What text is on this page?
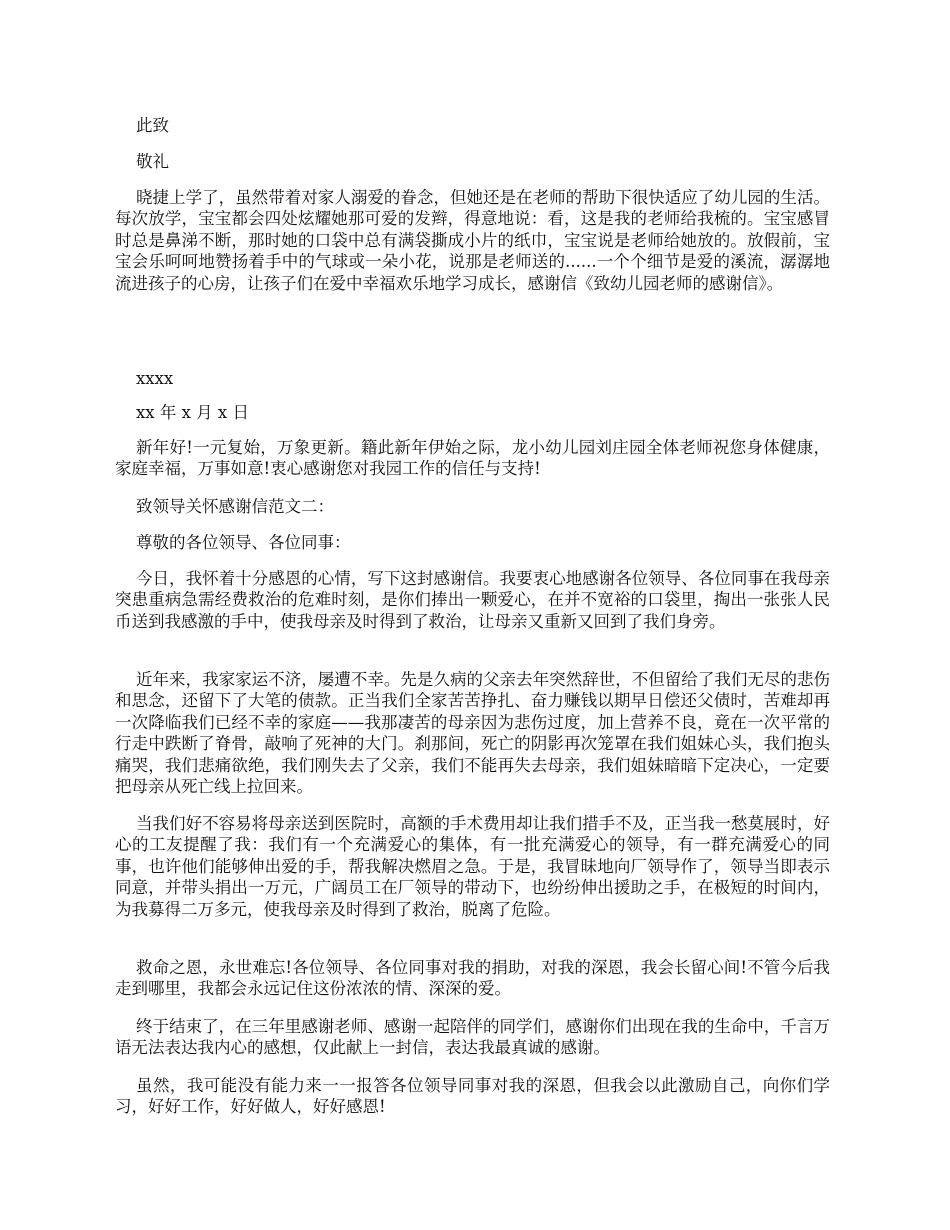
此致

敬礼

晓捷上学了，虽然带着对家人溺爱的眷念，但她还是在老师的帮助下很快适应了幼儿园的生活。每次放学，宝宝都会四处炫耀她那可爱的发辫，得意地说：看，这是我的老师给我梳的。宝宝感冒时总是鼻涕不断，那时她的口袋中总有满袋撕成小片的纸巾，宝宝说是老师给她放的。放假前，宝宝会乐呵呵地赞扬着手中的气球或一朵小花，说那是老师送的......一个个细节是爱的溪流，潺潺地流进孩子的心房，让孩子们在爱中幸福欢乐地学习成长，感谢信《致幼儿园老师的感谢信》。

xxxx

xx 年 x 月 x 日

新年好!一元复始，万象更新。籍此新年伊始之际，龙小幼儿园刘庄园全体老师祝您身体健康，家庭幸福，万事如意!衷心感谢您对我园工作的信任与支持!

致领导关怀感谢信范文二：

尊敬的各位领导、各位同事：

今日，我怀着十分感恩的心情，写下这封感谢信。我要衷心地感谢各位领导、各位同事在我母亲突患重病急需经费救治的危难时刻，是你们捧出一颗爱心，在并不宽裕的口袋里，掏出一张张人民币送到我感激的手中，使我母亲及时得到了救治，让母亲又重新又回到了我们身旁。

近年来，我家家运不济，屡遭不幸。先是久病的父亲去年突然辞世，不但留给了我们无尽的悲伤和思念，还留下了大笔的债款。正当我们全家苦苦挣扎、奋力赚钱以期早日偿还父债时，苦难却再一次降临我们已经不幸的家庭——我那凄苦的母亲因为悲伤过度，加上营养不良，竟在一次平常的行走中跌断了脊骨，敲响了死神的大门。刹那间，死亡的阴影再次笼罩在我们姐妹心头，我们抱头痛哭，我们悲痛欲绝，我们刚失去了父亲，我们不能再失去母亲，我们姐妹暗暗下定决心，一定要把母亲从死亡线上拉回来。

当我们好不容易将母亲送到医院时，高额的手术费用却让我们措手不及，正当我一愁莫展时，好心的工友提醒了我：我们有一个充满爱心的集体，有一批充满爱心的领导，有一群充满爱心的同事，也许他们能够伸出爱的手，帮我解决燃眉之急。于是，我冒昧地向厂领导作了，领导当即表示同意，并带头捐出一万元，广阔员工在厂领导的带动下，也纷纷伸出援助之手，在极短的时间内，为我募得二万多元，使我母亲及时得到了救治，脱离了危险。

救命之恩，永世难忘!各位领导、各位同事对我的捐助，对我的深恩，我会长留心间!不管今后我走到哪里，我都会永远记住这份浓浓的情、深深的爱。

终于结束了，在三年里感谢老师、感谢一起陪伴的同学们，感谢你们出现在我的生命中，千言万语无法表达我内心的感想，仅此献上一封信，表达我最真诚的感谢。

虽然，我可能没有能力来一一报答各位领导同事对我的深恩，但我会以此激励自己，向你们学习，好好工作，好好做人，好好感恩!
